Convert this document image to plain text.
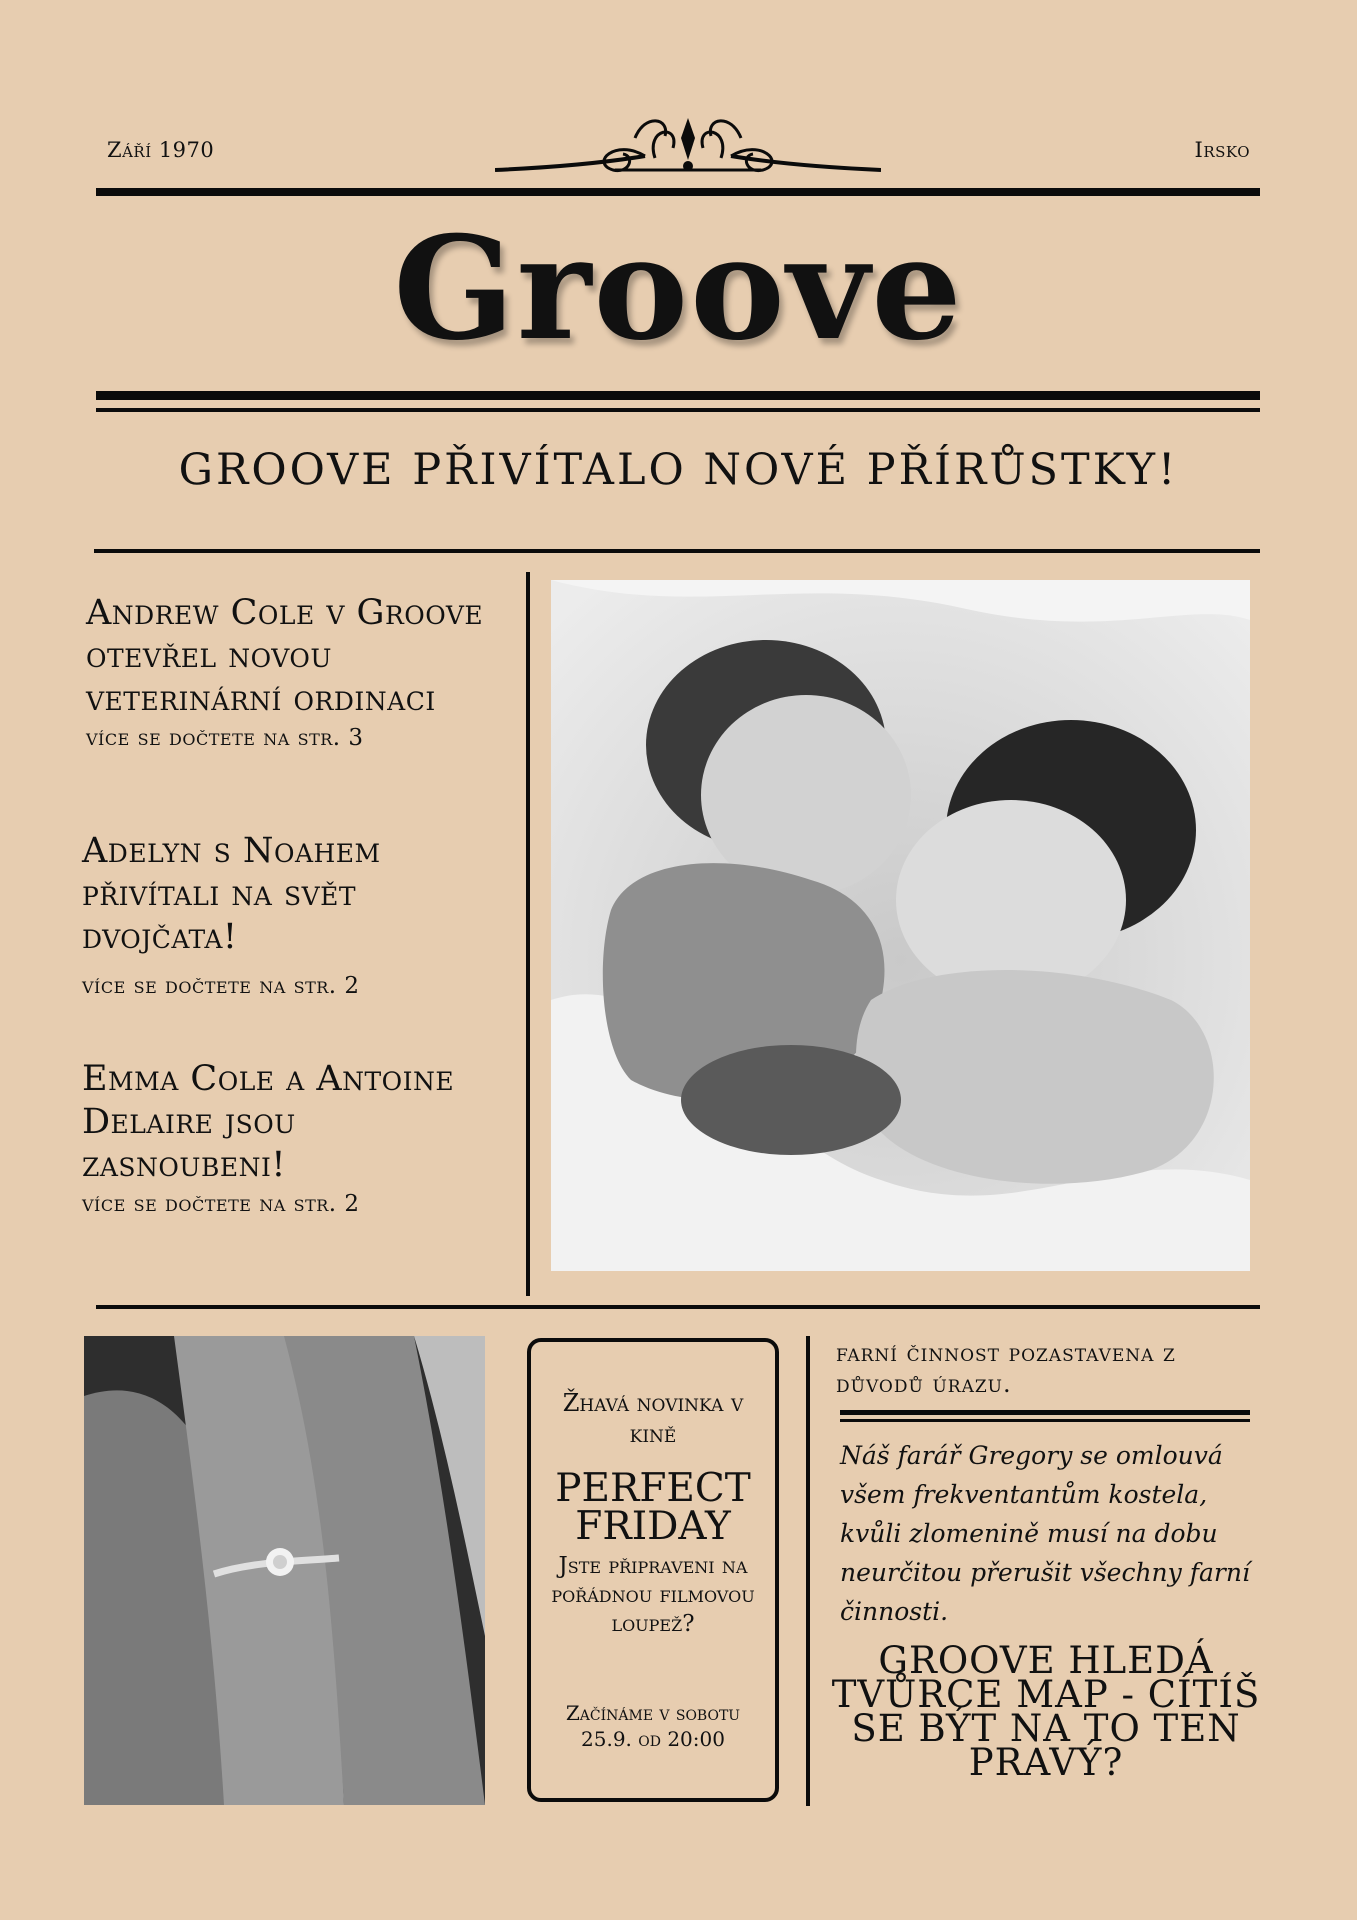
Září 1970	Irsko
Groove
GROOVE PŘIVÍTALO NOVÉ PŘÍRŮSTKY!
Andrew Cole v Groove otevřel novou veterinární ordinaci
více se dočtete na str. 3
Adelyn s Noahem přivítali na svět dvojčata!
více se dočtete na str. 2
Emma Cole a Antoine Delaire jsou zasnoubeni!
více se dočtete na str. 2
Žhavá novinka v kině
PERFECT FRIDAY
Jste připraveni na pořádnou filmovou loupež?
Začínáme v sobotu 25.9. od 20:00
farní činnost pozastavena z důvodů úrazu.
Náš farář Gregory se omlouvá všem frekventantům kostela, kvůli zlomenině musí na dobu neurčitou přerušit všechny farní činnosti.
GROOVE HLEDÁ TVŮRCE MAP - CÍTÍŠ SE BÝT NA TO TEN PRAVÝ?
